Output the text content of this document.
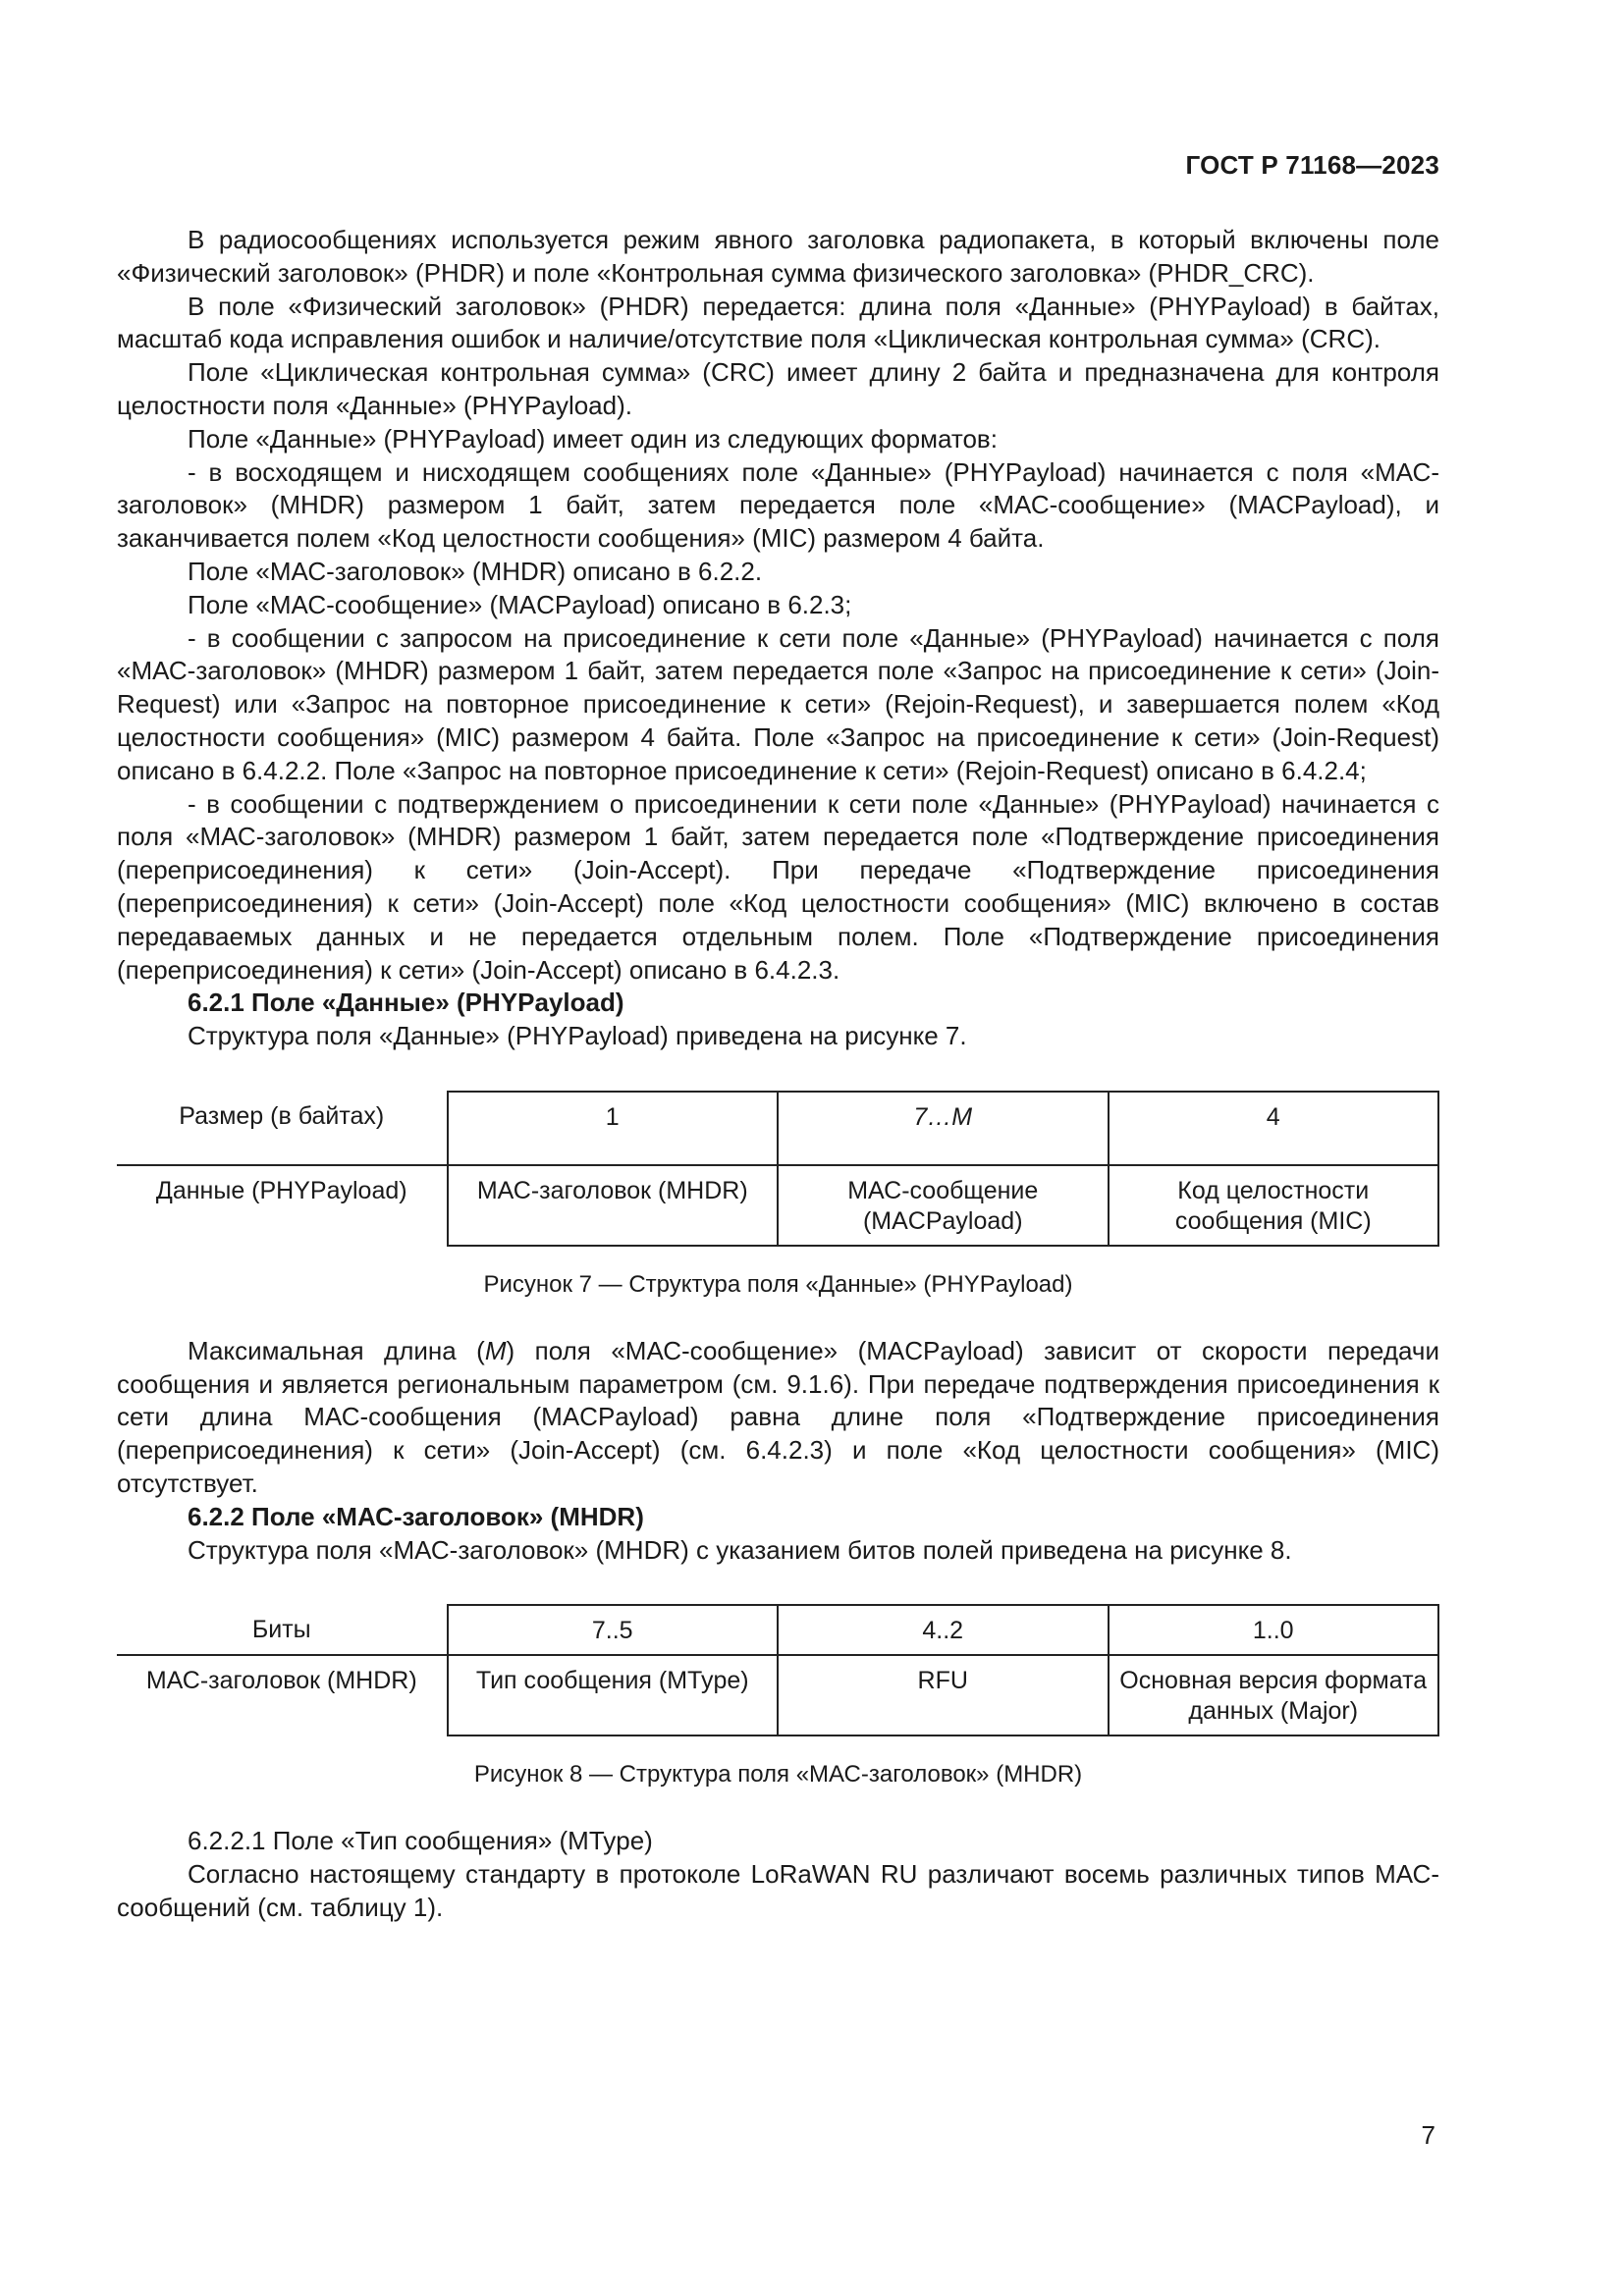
ГОСТ Р 71168—2023

В радиосообщениях используется режим явного заголовка радиопакета, в который включены поле «Физический заголовок» (PHDR) и поле «Контрольная сумма физического заголовка» (PHDR_CRC).

В поле «Физический заголовок» (PHDR) передается: длина поля «Данные» (PHYPayload) в байтах, масштаб кода исправления ошибок и наличие/отсутствие поля «Циклическая контрольная сумма» (CRC).

Поле «Циклическая контрольная сумма» (CRC) имеет длину 2 байта и предназначена для контроля целостности поля «Данные» (PHYPayload).

Поле «Данные» (PHYPayload) имеет один из следующих форматов:

- в восходящем и нисходящем сообщениях поле «Данные» (PHYPayload) начинается с поля «МАС-заголовок» (MHDR) размером 1 байт, затем передается поле «МАС-сообщение» (MACPayload), и заканчивается полем «Код целостности сообщения» (MIC) размером 4 байта.

Поле «МАС-заголовок» (MHDR) описано в 6.2.2.

Поле «МАС-сообщение» (MACPayload) описано в 6.2.3;

- в сообщении с запросом на присоединение к сети поле «Данные» (PHYPayload) начинается с поля «МАС-заголовок» (MHDR) размером 1 байт, затем передается поле «Запрос на присоединение к сети» (Join-Request) или «Запрос на повторное присоединение к сети» (Rejoin-Request), и завершается полем «Код целостности сообщения» (MIC) размером 4 байта. Поле «Запрос на присоединение к сети» (Join-Request) описано в 6.4.2.2. Поле «Запрос на повторное присоединение к сети» (Rejoin-Request) описано в 6.4.2.4;

- в сообщении с подтверждением о присоединении к сети поле «Данные» (PHYPayload) начинается с поля «МАС-заголовок» (MHDR) размером 1 байт, затем передается поле «Подтверждение присоединения (переприсоединения) к сети» (Join-Accept). При передаче «Подтверждение присоединения (переприсоединения) к сети» (Join-Accept) поле «Код целостности сообщения» (MIC) включено в состав передаваемых данных и не передается отдельным полем. Поле «Подтверждение присоединения (переприсоединения) к сети» (Join-Accept) описано в 6.4.2.3.

6.2.1 Поле «Данные» (PHYPayload)

Структура поля «Данные» (PHYPayload) приведена на рисунке 7.

Размер (в байтах)	1	7…M	4
Данные (PHYPayload)	МАС-заголовок (MHDR)	МАС-сообщение (MACPayload)	Код целостности сообщения (MIC)
Рисунок 7 — Структура поля «Данные» (PHYPayload)

Максимальная длина (M) поля «МАС-сообщение» (MACPayload) зависит от скорости передачи сообщения и является региональным параметром (см. 9.1.6). При передаче подтверждения присоединения к сети длина МАС-сообщения (MACPayload) равна длине поля «Подтверждение присоединения (переприсоединения) к сети» (Join-Accept) (см. 6.4.2.3) и поле «Код целостности сообщения» (MIC) отсутствует.

6.2.2 Поле «МАС-заголовок» (MHDR)

Структура поля «МАС-заголовок» (MHDR) с указанием битов полей приведена на рисунке 8.

Биты	7..5	4..2	1..0
МАС-заголовок (MHDR)	Тип сообщения (MType)	RFU	Основная версия формата данных (Major)
Рисунок 8 — Структура поля «МАС-заголовок» (MHDR)

6.2.2.1 Поле «Тип сообщения» (MType)

Согласно настоящему стандарту в протоколе LoRaWAN RU различают восемь различных типов МАС-сообщений (см. таблицу 1).

7
